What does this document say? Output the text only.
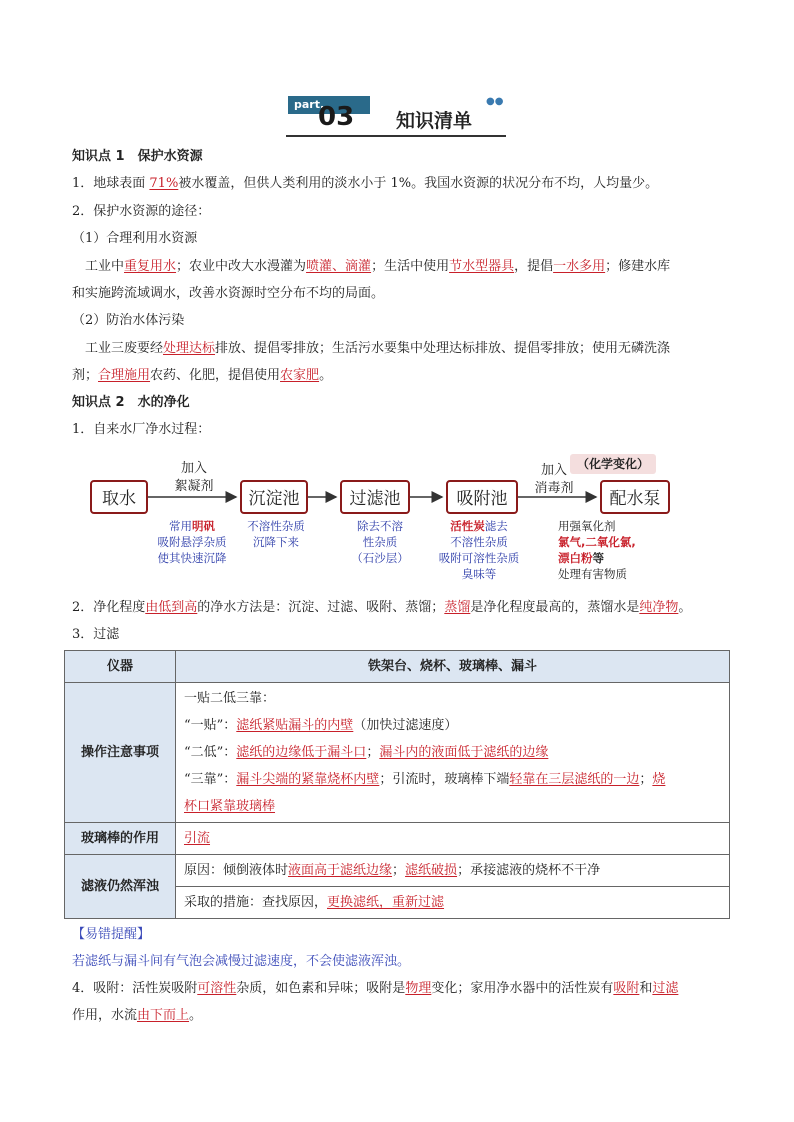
part.
03 知识清单
●●
知识点 1　保护水资源
1．地球表面 71%被水覆盖，但供人类利用的淡水小于 1%。我国水资源的状况分布不均，人均量少。
2．保护水资源的途径：
（1）合理利用水资源
　工业中重复用水；农业中改大水漫灌为喷灌、滴灌；生活中使用节水型器具，提倡一水多用；修建水库
和实施跨流域调水，改善水资源时空分布不均的局面。
（2）防治水体污染
　工业三废要经处理达标排放、提倡零排放；生活污水要集中处理达标排放、提倡零排放；使用无磷洗涤
剂；合理施用农药、化肥，提倡使用农家肥。
知识点 2　水的净化
1．自来水厂净水过程：
取水	沉淀池	过滤池	吸附池	配水泵
加入
絮凝剂
加入
消毒剂
（化学变化）
常用明矾
吸附悬浮杂质
使其快速沉降
不溶性杂质
沉降下来
除去不溶
性杂质
（石沙层）
活性炭滤去
不溶性杂质
吸附可溶性杂质
臭味等
用强氧化剂
氯气,二氧化氯,
漂白粉等
处理有害物质
2．净化程度由低到高的净水方法是：沉淀、过滤、吸附、蒸馏；蒸馏是净化程度最高的，蒸馏水是纯净物。
3．过滤
仪器	铁架台、烧杯、玻璃棒、漏斗
操作注意事项	一贴二低三靠：
“一贴”：滤纸紧贴漏斗的内壁（加快过滤速度）
“二低”：滤纸的边缘低于漏斗口；漏斗内的液面低于滤纸的边缘
“三靠”：漏斗尖端的紧靠烧杯内壁；引流时，玻璃棒下端轻靠在三层滤纸的一边；烧
杯口紧靠玻璃棒

玻璃棒的作用	引流
滤液仍然浑浊	原因：倾倒液体时液面高于滤纸边缘；滤纸破损；承接滤液的烧杯不干净
	采取的措施：查找原因，更换滤纸，重新过滤
【易错提醒】
若滤纸与漏斗间有气泡会减慢过滤速度，不会使滤液浑浊。
4．吸附：活性炭吸附可溶性杂质，如色素和异味；吸附是物理变化；家用净水器中的活性炭有吸附和过滤
作用，水流由下而上。
